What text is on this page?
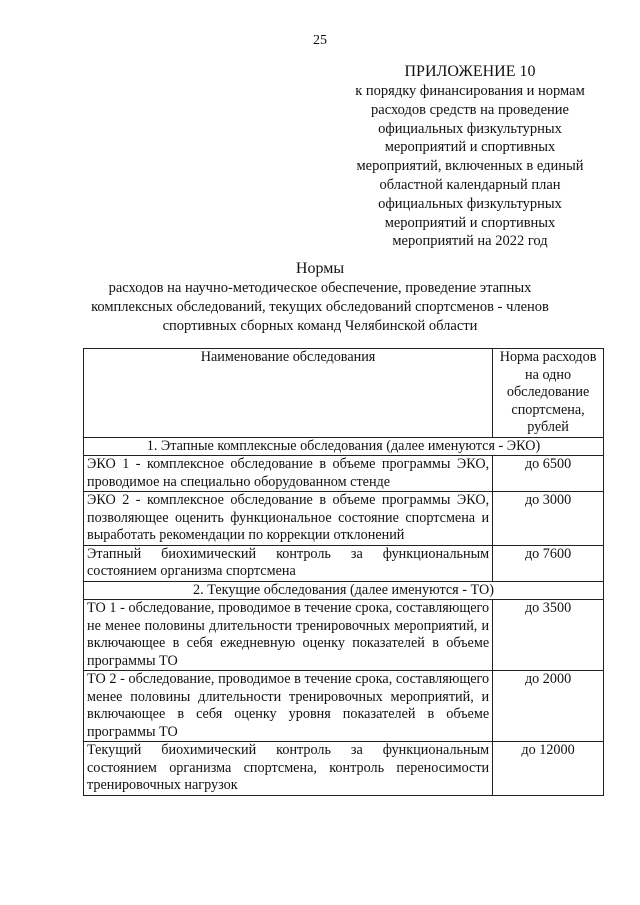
25
ПРИЛОЖЕНИЕ 10
к порядку финансирования и нормам
расходов средств на проведение
официальных физкультурных
мероприятий и спортивных
мероприятий, включенных в единый
областной календарный план
официальных физкультурных
мероприятий и спортивных
мероприятий на 2022 год
Нормы
расходов на научно-методическое обеспечение, проведение этапных
комплексных обследований, текущих обследований спортсменов - членов
спортивных сборных команд Челябинской области
Наименование обследования	Норма расходов на одно обследование спортсмена, рублей
1. Этапные комплексные обследования (далее именуются - ЭКО)	
ЭКО 1 - комплексное обследование в объеме программы ЭКО, проводимое на специально оборудованном стенде	до 6500
ЭКО 2 - комплексное обследование в объеме программы ЭКО, позволяющее оценить функциональное состояние спортсмена и выработать рекомендации по коррекции отклонений	до 3000
Этапный биохимический контроль за функциональным состоянием организма спортсмена	до 7600
2. Текущие обследования (далее именуются - ТО)	
ТО 1 - обследование, проводимое в течение срока, составляющего не менее половины длительности тренировочных мероприятий, и включающее в себя ежедневную оценку показателей в объеме программы ТО	до 3500
ТО 2 - обследование, проводимое в течение срока, составляющего менее половины длительности тренировочных мероприятий, и включающее в себя оценку уровня показателей в объеме программы ТО	до 2000
Текущий биохимический контроль за функциональным состоянием организма спортсмена, контроль переносимости тренировочных нагрузок	до 12000
